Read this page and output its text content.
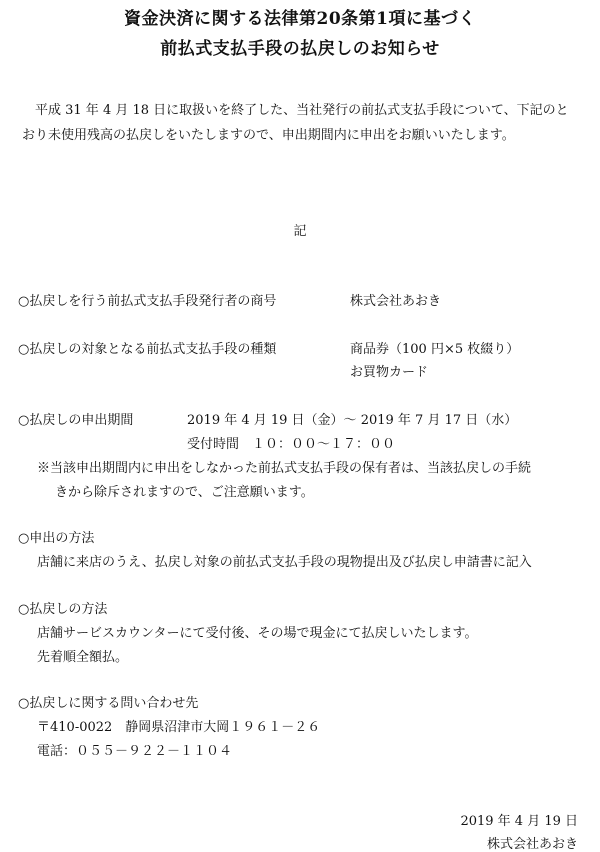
資金決済に関する法律第20条第1項に基づく
前払式支払手段の払戻しのお知らせ
平成 31 年 4 月 18 日に取扱いを終了した、当社発行の前払式支払手段について、下記のとおり未使用残高の払戻しをいたしますので、申出期間内に申出をお願いいたします。
記
○払戻しを行う前払式支払手段発行者の商号	株式会社あおき
○払戻しの対象となる前払式支払手段の種類	商品券（100 円×5 枚綴り）
お買物カード
○払戻しの申出期間	2019 年 4 月 19 日（金）～ 2019 年 7 月 17 日（水）
受付時間　１０：００～１７：００
※当該申出期間内に申出をしなかった前払式支払手段の保有者は、当該払戻しの手続
きから除斥されますので、ご注意願います。
○申出の方法
店舗に来店のうえ、払戻し対象の前払式支払手段の現物提出及び払戻し申請書に記入
○払戻しの方法
店舗サービスカウンターにて受付後、その場で現金にて払戻しいたします。
先着順全額払。
○払戻しに関する問い合わせ先
〒410-0022　静岡県沼津市大岡１９６１－２６
電話：０５５－９２２－１１０４
2019 年 4 月 19 日
株式会社あおき
